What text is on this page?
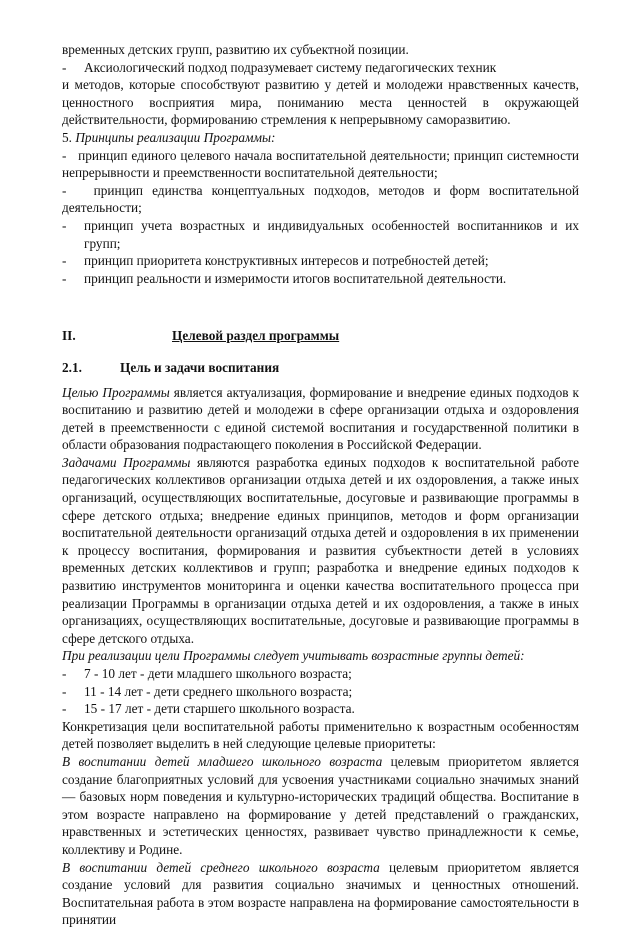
временных детских групп, развитию их субъектной позиции.

-	Аксиологический подход подразумевает систему педагогических техник

и методов, которые способствуют развитию у детей и молодежи нравственных качеств, ценностного восприятия мира, пониманию места ценностей в окружающей действительности, формированию стремления к непрерывному саморазвитию.

5. Принципы реализации Программы:

- принцип единого целевого начала воспитательной деятельности; принцип системности непрерывности и преемственности воспитательной деятельности;
- принцип единства концептуальных подходов, методов и форм воспитательной деятельности;
-	принцип учета возрастных и индивидуальных особенностей воспитанников и их групп;
-	принцип приоритета конструктивных интересов и потребностей детей;
-	принцип реальности и измеримости итогов воспитательной деятельности.
II.	Целевой раздел программы
2.1.	Цель и задачи воспитания

Целью Программы является актуализация, формирование и внедрение единых подходов к воспитанию и развитию детей и молодежи в сфере организации отдыха и оздоровления детей в преемственности с единой системой воспитания и государственной политики в области образования подрастающего поколения в Российской Федерации.

Задачами Программы являются разработка единых подходов к воспитательной работе педагогических коллективов организации отдыха детей и их оздоровления, а также иных организаций, осуществляющих воспитательные, досуговые и развивающие программы в сфере детского отдыха; внедрение единых принципов, методов и форм организации воспитательной деятельности организаций отдыха детей и оздоровления в их применении к процессу воспитания, формирования и развития субъектности детей в условиях временных детских коллективов и групп; разработка и внедрение единых подходов к развитию инструментов мониторинга и оценки качества воспитательного процесса при реализации Программы в организации отдыха детей и их оздоровления, а также в иных организациях, осуществляющих воспитательные, досуговые и развивающие программы в сфере детского отдыха.

При реализации цели Программы следует учитывать возрастные группы детей:

-	7 - 10 лет - дети младшего школьного возраста;
-	11 - 14 лет - дети среднего школьного возраста;
-	15 - 17 лет - дети старшего школьного возраста.

Конкретизация цели воспитательной работы применительно к возрастным особенностям детей позволяет выделить в ней следующие целевые приоритеты:

В воспитании детей младшего школьного возраста целевым приоритетом является создание благоприятных условий для усвоения участниками социально значимых знаний — базовых норм поведения и культурно-исторических традиций общества. Воспитание в этом возрасте направлено на формирование у детей представлений о гражданских, нравственных и эстетических ценностях, развивает чувство принадлежности к семье, коллективу и Родине.

В воспитании детей среднего школьного возраста целевым приоритетом является создание условий для развития социально значимых и ценностных отношений. Воспитательная работа в этом возрасте направлена на формирование самостоятельности в принятии
